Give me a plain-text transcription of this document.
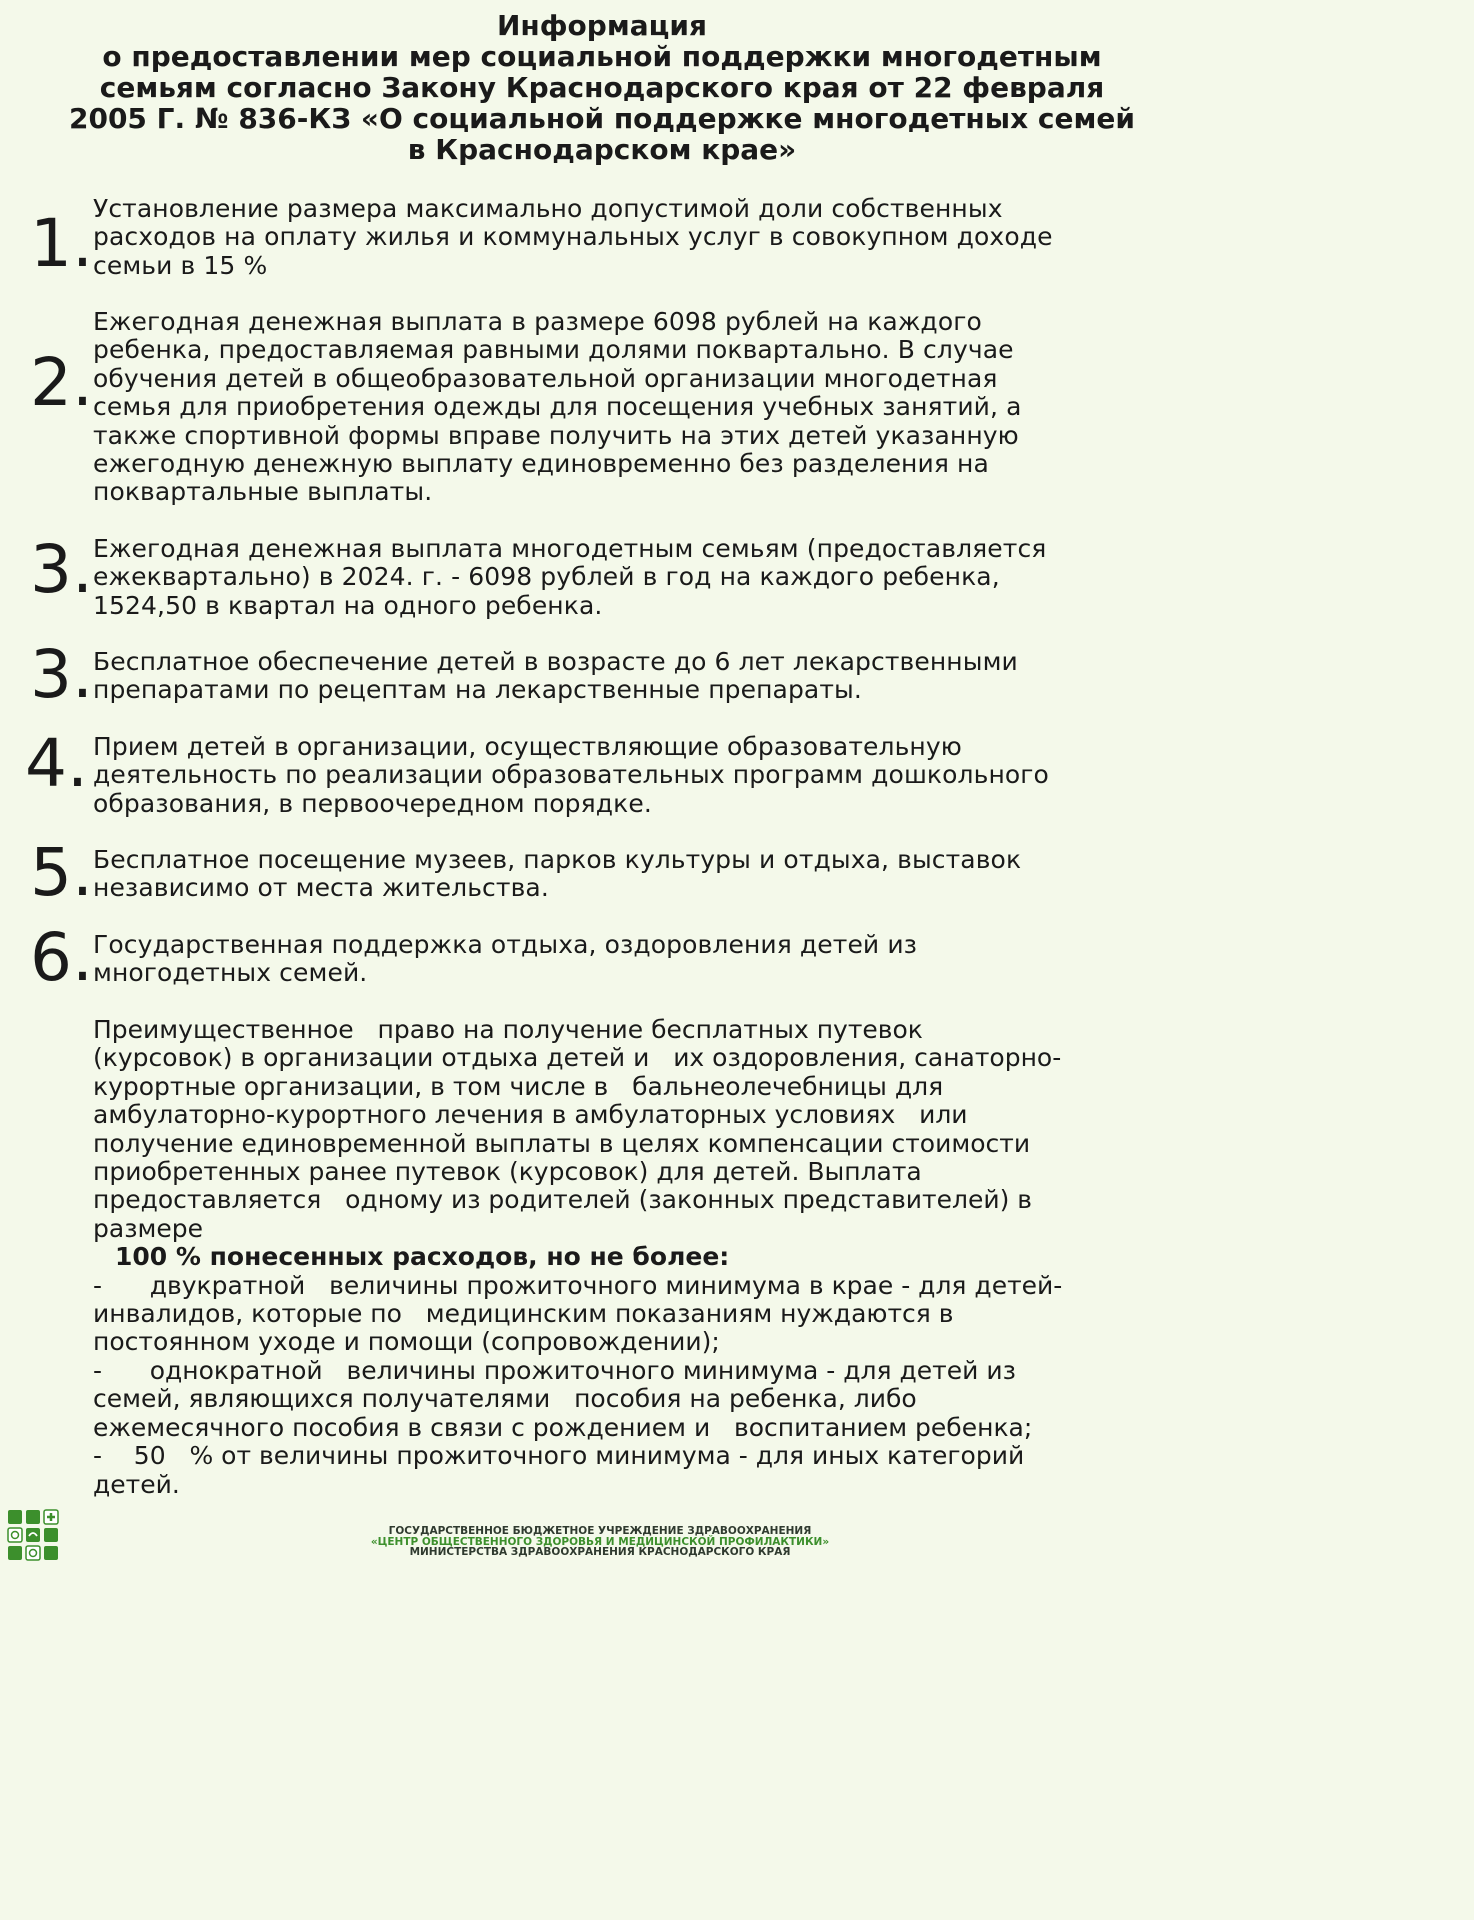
Информация
о предоставлении мер социальной поддержки многодетным
семьям согласно Закону Краснодарского края от 22 февраля
2005 Г. № 836-КЗ «О социальной поддержке многодетных семей
в Краснодарском крае»
1. Установление размера максимально допустимой доли собственных
расходов на оплату жилья и коммунальных услуг в совокупном доходе
семьи в 15 %
2.
Ежегодная денежная выплата в размере 6098 рублей на каждого
ребенка, предоставляемая равными долями поквартально. В случае
обучения детей в общеобразовательной организации многодетная
семья для приобретения одежды для посещения учебных занятий, а
также спортивной формы вправе получить на этих детей указанную
ежегодную денежную выплату единовременно без разделения на
поквартальные выплаты.
3. Ежегодная денежная выплата многодетным семьям (предоставляется
ежеквартально) в 2024. г. - 6098 рублей в год на каждого ребенка,
1524,50 в квартал на одного ребенка.
3. Бесплатное обеспечение детей в возрасте до 6 лет лекарственными
препаратами по рецептам на лекарственные препараты.
4. Прием детей в организации, осуществляющие образовательную
деятельность по реализации образовательных программ дошкольного
образования, в первоочередном порядке.
5. Бесплатное посещение музеев, парков культуры и отдыха, выставок
независимо от места жительства.
6. Государственная поддержка отдыха, оздоровления детей из
многодетных семей.
Преимущественное   право на получение бесплатных путевок
(курсовок) в организации отдыха детей и   их оздоровления, санаторно-
курортные организации, в том числе в   бальнеолечебницы для
амбулаторно-курортного лечения в амбулаторных условиях   или
получение единовременной выплаты в целях компенсации стоимости
приобретенных ранее путевок (курсовок) для детей. Выплата
предоставляется   одному из родителей (законных представителей) в
размере
100 % понесенных расходов, но не более:
-      двукратной   величины прожиточного минимума в крае - для детей-
инвалидов, которые по   медицинским показаниям нуждаются в
постоянном уходе и помощи (сопровождении);
-      однократной   величины прожиточного минимума - для детей из
семей, являющихся получателями   пособия на ребенка, либо
ежемесячного пособия в связи с рождением и   воспитанием ребенка;
-    50   % от величины прожиточного минимума - для иных категорий
детей.
ГОСУДАРСТВЕННОЕ БЮДЖЕТНОЕ УЧРЕЖДЕНИЕ ЗДРАВООХРАНЕНИЯ
«ЦЕНТР ОБЩЕСТВЕННОГО ЗДОРОВЬЯ И МЕДИЦИНСКОЙ ПРОФИЛАКТИКИ»
МИНИСТЕРСТВА ЗДРАВООХРАНЕНИЯ КРАСНОДАРСКОГО КРАЯ
